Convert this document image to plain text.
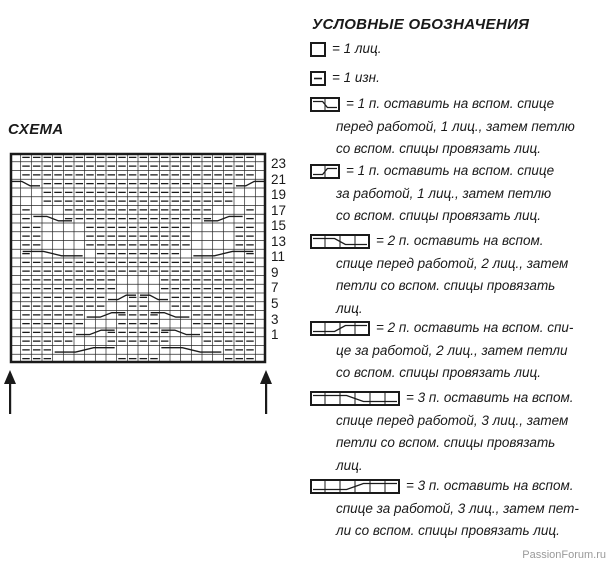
СХЕМА
23
21
19
17
15
13
11
9
7
5
3
1
УСЛОВНЫЕ ОБОЗНАЧЕНИЯ
= 1 лиц.
= 1 изн.
= 1 п. оставить на вспом. спице
перед работой, 1 лиц., затем петлю
со вспом. спицы провязать лиц.
= 1 п. оставить на вспом. спице
за работой, 1 лиц., затем петлю
со вспом. спицы провязать лиц.
= 2 п. оставить на вспом.
спице перед работой, 2 лиц., затем
петли со вспом. спицы провязать
лиц.
= 2 п. оставить на вспом. спи-
це за работой, 2 лиц., затем петли
со вспом. спицы провязать лиц.
= 3 п. оставить на вспом.
спице перед работой, 3 лиц., затем
петли со вспом. спицы провязать
лиц.
= 3 п. оставить на вспом.
спице за работой, 3 лиц., затем пет-
ли со вспом. спицы провязать лиц.
PassionForum.ru
